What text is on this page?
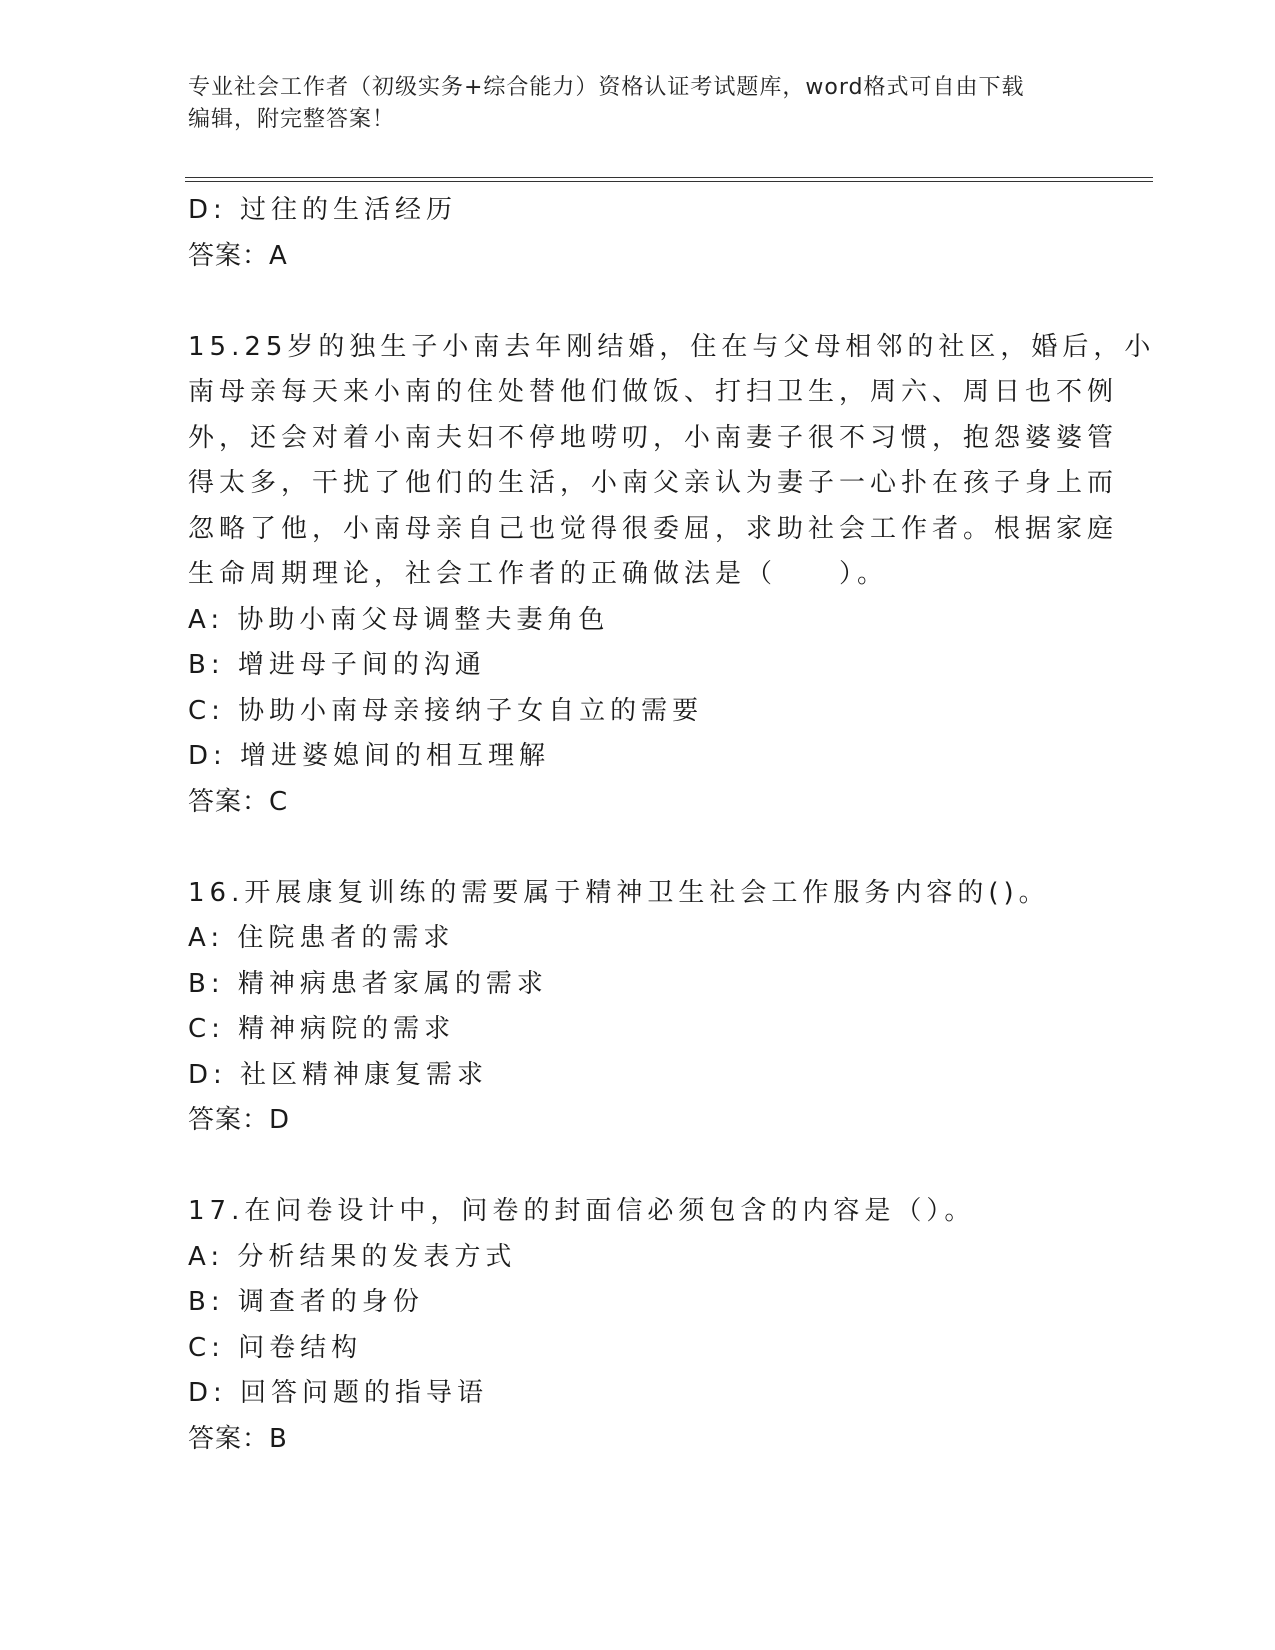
专业社会工作者（初级实务+综合能力）资格认证考试题库，word格式可自由下载
编辑，附完整答案！
D: 过往的生活经历
答案：A
15.25岁的独生子小南去年刚结婚，住在与父母相邻的社区，婚后，小
南母亲每天来小南的住处替他们做饭、打扫卫生，周六、周日也不例
外，还会对着小南夫妇不停地唠叨，小南妻子很不习惯，抱怨婆婆管
得太多，干扰了他们的生活，小南父亲认为妻子一心扑在孩子身上而
忽略了他，小南母亲自己也觉得很委屈，求助社会工作者。根据家庭
生命周期理论，社会工作者的正确做法是（　　）。
A: 协助小南父母调整夫妻角色
B: 增进母子间的沟通
C: 协助小南母亲接纳子女自立的需要
D: 增进婆媳间的相互理解
答案：C
16.开展康复训练的需要属于精神卫生社会工作服务内容的()。
A: 住院患者的需求
B: 精神病患者家属的需求
C: 精神病院的需求
D: 社区精神康复需求
答案：D
17.在问卷设计中，问卷的封面信必须包含的内容是（）。
A: 分析结果的发表方式
B: 调查者的身份
C: 问卷结构
D: 回答问题的指导语
答案：B
